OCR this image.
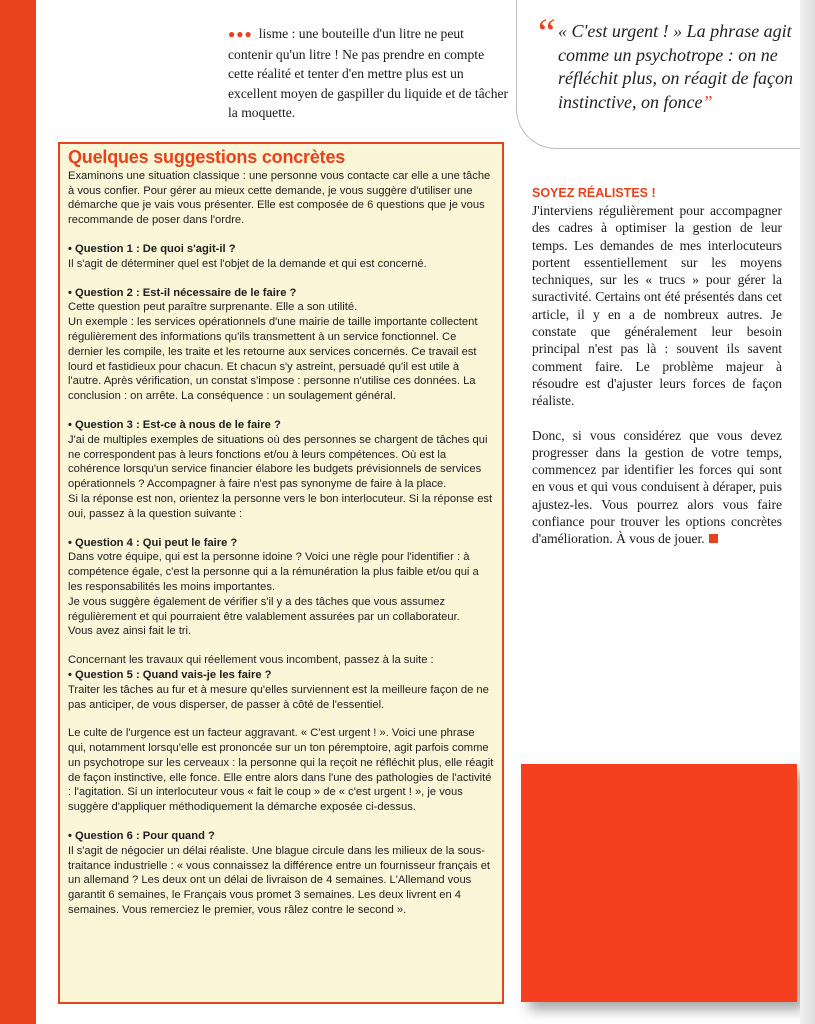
MANAGEMENT
●●● lisme : une bouteille d'un litre ne peut contenir qu'un litre ! Ne pas prendre en compte cette réalité et tenter d'en mettre plus est un excellent moyen de gaspiller du liquide et de tâcher la moquette.
“ « C'est urgent ! » La phrase agit comme un psychotrope : on ne réfléchit plus, on réagit de façon instinctive, on fonce”
Quelques suggestions concrètes

Examinons une situation classique : une personne vous contacte car elle a une tâche à vous confier. Pour gérer au mieux cette demande, je vous suggère d'utiliser une démarche que je vais vous présenter. Elle est composée de 6 questions que je vous recommande de poser dans l'ordre.

• Question 1 : De quoi s'agit-il ?

Il s'agit de déterminer quel est l'objet de la demande et qui est concerné.

• Question 2 : Est-il nécessaire de le faire ?

Cette question peut paraître surprenante. Elle a son utilité.

Un exemple : les services opérationnels d'une mairie de taille importante collectent régulièrement des informations qu'ils transmettent à un service fonctionnel. Ce dernier les compile, les traite et les retourne aux services concernés. Ce travail est lourd et fastidieux pour chacun. Et chacun s'y astreint, persuadé qu'il est utile à l'autre. Après vérification, un constat s'impose : personne n'utilise ces données. La conclusion : on arrête. La conséquence : un soulagement général.

• Question 3 : Est-ce à nous de le faire ?

J'ai de multiples exemples de situations où des personnes se chargent de tâches qui ne correspondent pas à leurs fonctions et/ou à leurs compétences. Où est la cohérence lorsqu'un service financier élabore les budgets prévisionnels de services opérationnels ? Accompagner à faire n'est pas synonyme de faire à la place.

Si la réponse est non, orientez la personne vers le bon interlocuteur. Si la réponse est oui, passez à la question suivante :

• Question 4 : Qui peut le faire ?

Dans votre équipe, qui est la personne idoine ? Voici une règle pour l'identifier : à compétence égale, c'est la personne qui a la rémunération la plus faible et/ou qui a les responsabilités les moins importantes.

Je vous suggère également de vérifier s'il y a des tâches que vous assumez régulièrement et qui pourraient être valablement assurées par un collaborateur.

Vous avez ainsi fait le tri.

Concernant les travaux qui réellement vous incombent, passez à la suite :

• Question 5 : Quand vais-je les faire ?

Traiter les tâches au fur et à mesure qu'elles surviennent est la meilleure façon de ne pas anticiper, de vous disperser, de passer à côté de l'essentiel.

Le culte de l'urgence est un facteur aggravant. « C'est urgent ! ». Voici une phrase qui, notamment lorsqu'elle est prononcée sur un ton péremptoire, agit parfois comme un psychotrope sur les cerveaux : la personne qui la reçoit ne réfléchit plus, elle réagit de façon instinctive, elle fonce. Elle entre alors dans l'une des pathologies de l'activité : l'agitation. Si un interlocuteur vous « fait le coup » de « c'est urgent ! », je vous suggère d'appliquer méthodiquement la démarche exposée ci-dessus.

• Question 6 : Pour quand ?

Il s'agit de négocier un délai réaliste. Une blague circule dans les milieux de la sous-traitance industrielle : « vous connaissez la différence entre un fournisseur français et un allemand ? Les deux ont un délai de livraison de 4 semaines. L'Allemand vous garantit 6 semaines, le Français vous promet 3 semaines. Les deux livrent en 4 semaines. Vous remerciez le premier, vous râlez contre le second ».

SOYEZ RÉALISTES !

J'interviens régulièrement pour accompagner des cadres à optimiser la gestion de leur temps. Les demandes de mes interlocuteurs portent essentiellement sur les moyens techniques, sur les « trucs » pour gérer la suractivité. Certains ont été présentés dans cet article, il y en a de nombreux autres. Je constate que généralement leur besoin principal n'est pas là : souvent ils savent comment faire. Le problème majeur à résoudre est d'ajuster leurs forces de façon réaliste.

Donc, si vous considérez que vous devez progresser dans la gestion de votre temps, commencez par identifier les forces qui sont en vous et qui vous conduisent à déraper, puis ajustez-les. Vous pourrez alors vous faire confiance pour trouver les options concrètes d'amélioration. À vous de jouer.
